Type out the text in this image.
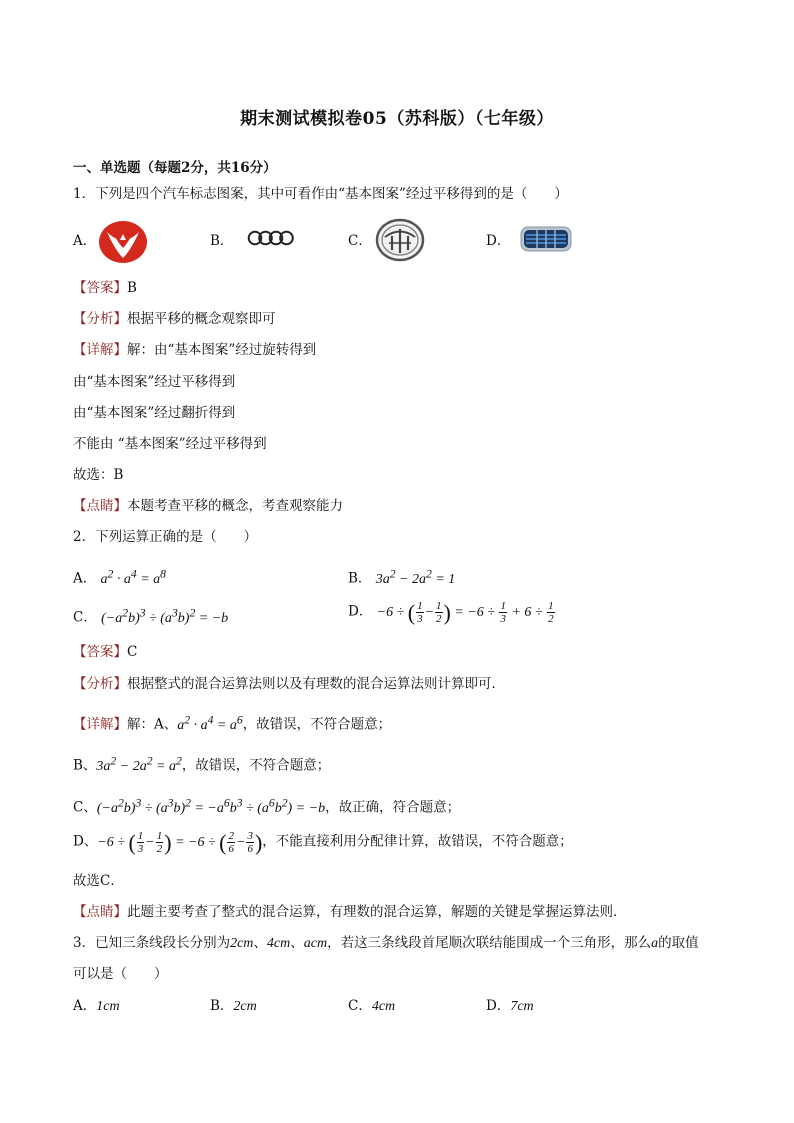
期末测试模拟卷05（苏科版）（七年级）
一、单选题（每题2分，共16分）
1．下列是四个汽车标志图案，其中可看作由“基本图案”经过平移得到的是（　　）
A．	B．	C．	D．
【答案】B
【分析】根据平移的概念观察即可
【详解】解：由“基本图案”经过旋转得到
由“基本图案”经过平移得到
由“基本图案”经过翻折得到
不能由 “基本图案”经过平移得到
故选：B
【点睛】本题考查平移的概念，考查观察能力
2．下列运算正确的是（　　）
A． $a^2 \cdot a^4 = a^8$	B． $3a^2 - 2a^2 = 1$
C． $(-a^2b)^3 \div (a^3b)^2 = -b$	D． −6 ÷ ( $\frac{1}{3} - \frac{1}{2}$ ) = $-6 \div \frac{1}{3} + 6 \div \frac{1}{2}$
【答案】C
【分析】根据整式的混合运算法则以及有理数的混合运算法则计算即可．
【详解】解：A、$a^2 \cdot a^4 = a^6$，故错误，不符合题意；
B、$3a^2 - 2a^2 = a^2$，故错误，不符合题意；
C、$(-a^2b)^3 \div (a^3b)^2 = -a^6b^3 \div (a^6b^2) = -b$，故正确，符合题意；
D、−6 ÷ ( $\frac{1}{3} - \frac{1}{2}$ ) = −6 ÷ ( $\frac{2}{6} - \frac{3}{6}$ )，不能直接利用分配律计算，故错误，不符合题意；
故选C．
【点睛】此题主要考查了整式的混合运算，有理数的混合运算，解题的关键是掌握运算法则．
3．已知三条线段长分别为2cm、4cm、acm，若这三条线段首尾顺次联结能围成一个三角形，那么a的取值
可以是（　　）
A．1cm	B．2cm	C．4cm	D．7cm
